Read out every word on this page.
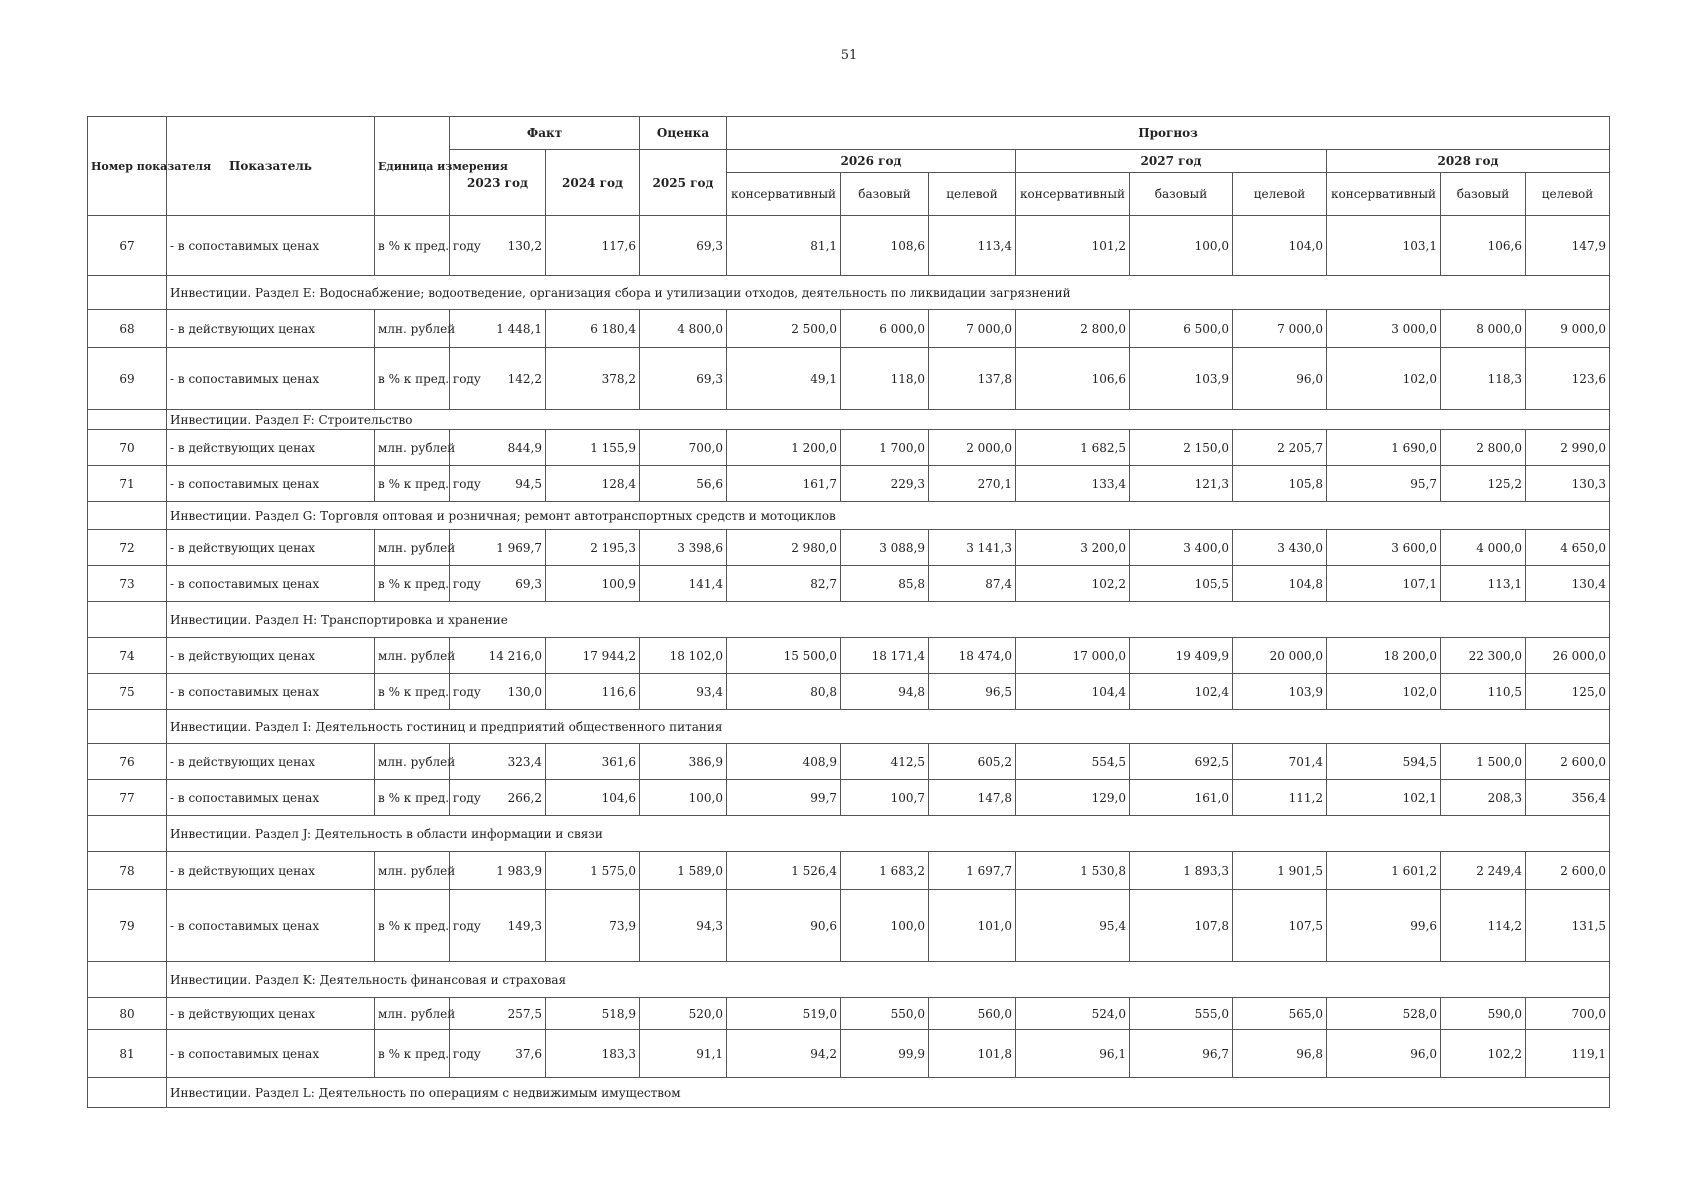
51
Номер показателя	Показатель	Единица измерения	Факт		Оценка	Прогноз								
			2023 год	2024 год	2025 год	2026 год			2027 год			2028 год		
						консервативный	базовый	целевой	консервативный	базовый	целевой	консервативный	базовый	целевой
67	- в сопоставимых ценах	в % к пред. году	130,2	117,6	69,3	81,1	108,6	113,4	101,2	100,0	104,0	103,1	106,6	147,9
	Инвестиции. Раздел E: Водоснабжение; водоотведение, организация сбора и утилизации отходов, деятельность по ликвидации загрязнений													
68	- в действующих ценах	млн. рублей	1 448,1	6 180,4	4 800,0	2 500,0	6 000,0	7 000,0	2 800,0	6 500,0	7 000,0	3 000,0	8 000,0	9 000,0
69	- в сопоставимых ценах	в % к пред. году	142,2	378,2	69,3	49,1	118,0	137,8	106,6	103,9	96,0	102,0	118,3	123,6
	Инвестиции. Раздел F: Строительство													
70	- в действующих ценах	млн. рублей	844,9	1 155,9	700,0	1 200,0	1 700,0	2 000,0	1 682,5	2 150,0	2 205,7	1 690,0	2 800,0	2 990,0
71	- в сопоставимых ценах	в % к пред. году	94,5	128,4	56,6	161,7	229,3	270,1	133,4	121,3	105,8	95,7	125,2	130,3
	Инвестиции. Раздел G: Торговля оптовая и розничная; ремонт автотранспортных средств и мотоциклов													
72	- в действующих ценах	млн. рублей	1 969,7	2 195,3	3 398,6	2 980,0	3 088,9	3 141,3	3 200,0	3 400,0	3 430,0	3 600,0	4 000,0	4 650,0
73	- в сопоставимых ценах	в % к пред. году	69,3	100,9	141,4	82,7	85,8	87,4	102,2	105,5	104,8	107,1	113,1	130,4
	Инвестиции. Раздел H: Транспортировка и хранение													
74	- в действующих ценах	млн. рублей	14 216,0	17 944,2	18 102,0	15 500,0	18 171,4	18 474,0	17 000,0	19 409,9	20 000,0	18 200,0	22 300,0	26 000,0
75	- в сопоставимых ценах	в % к пред. году	130,0	116,6	93,4	80,8	94,8	96,5	104,4	102,4	103,9	102,0	110,5	125,0
	Инвестиции. Раздел I: Деятельность гостиниц и предприятий общественного питания													
76	- в действующих ценах	млн. рублей	323,4	361,6	386,9	408,9	412,5	605,2	554,5	692,5	701,4	594,5	1 500,0	2 600,0
77	- в сопоставимых ценах	в % к пред. году	266,2	104,6	100,0	99,7	100,7	147,8	129,0	161,0	111,2	102,1	208,3	356,4
	Инвестиции. Раздел J: Деятельность в области информации и связи													
78	- в действующих ценах	млн. рублей	1 983,9	1 575,0	1 589,0	1 526,4	1 683,2	1 697,7	1 530,8	1 893,3	1 901,5	1 601,2	2 249,4	2 600,0
79	- в сопоставимых ценах	в % к пред. году	149,3	73,9	94,3	90,6	100,0	101,0	95,4	107,8	107,5	99,6	114,2	131,5
	Инвестиции. Раздел K: Деятельность финансовая и страховая													
80	- в действующих ценах	млн. рублей	257,5	518,9	520,0	519,0	550,0	560,0	524,0	555,0	565,0	528,0	590,0	700,0
81	- в сопоставимых ценах	в % к пред. году	37,6	183,3	91,1	94,2	99,9	101,8	96,1	96,7	96,8	96,0	102,2	119,1
	Инвестиции. Раздел L: Деятельность по операциям с недвижимым имуществом													
